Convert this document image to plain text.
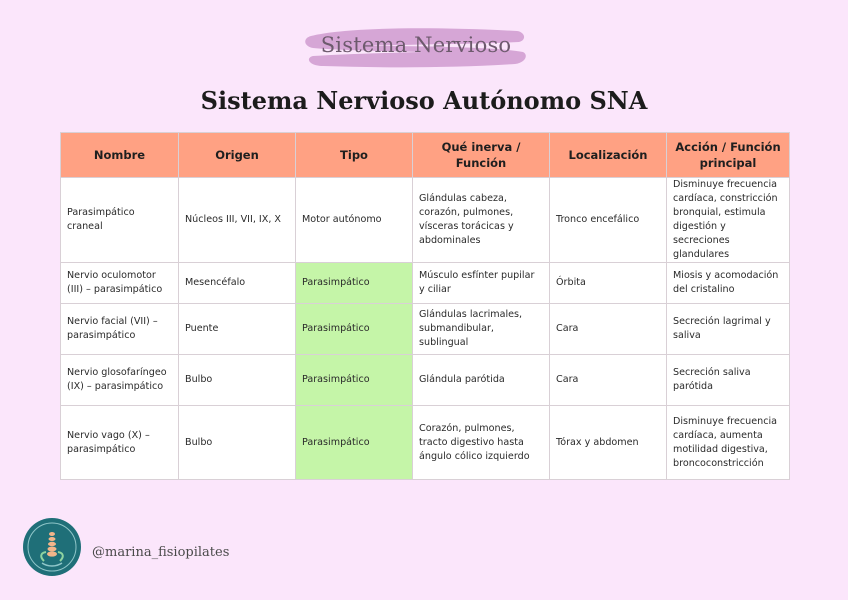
Sistema Nervioso
Sistema Nervioso Autónomo SNA
Nombre	Origen	Tipo	Qué inerva / Función	Localización	Acción / Función principal
Parasimpático craneal	Núcleos III, VII, IX, X	Motor autónomo	Glándulas cabeza, corazón, pulmones, vísceras torácicas y abdominales	Tronco encefálico	Disminuye frecuencia cardíaca, constricción bronquial, estimula digestión y secreciones glandulares
Nervio oculomotor (III) – parasimpático	Mesencéfalo	Parasimpático	Músculo esfínter pupilar y ciliar	Órbita	Miosis y acomodación del cristalino
Nervio facial (VII) – parasimpático	Puente	Parasimpático	Glándulas lacrimales, submandibular, sublingual	Cara	Secreción lagrimal y saliva
Nervio glosofaríngeo (IX) – parasimpático	Bulbo	Parasimpático	Glándula parótida	Cara	Secreción saliva parótida
Nervio vago (X) – parasimpático	Bulbo	Parasimpático	Corazón, pulmones, tracto digestivo hasta ángulo cólico izquierdo	Tórax y abdomen	Disminuye frecuencia cardíaca, aumenta motilidad digestiva, broncoconstricción
@marina_fisiopilates
